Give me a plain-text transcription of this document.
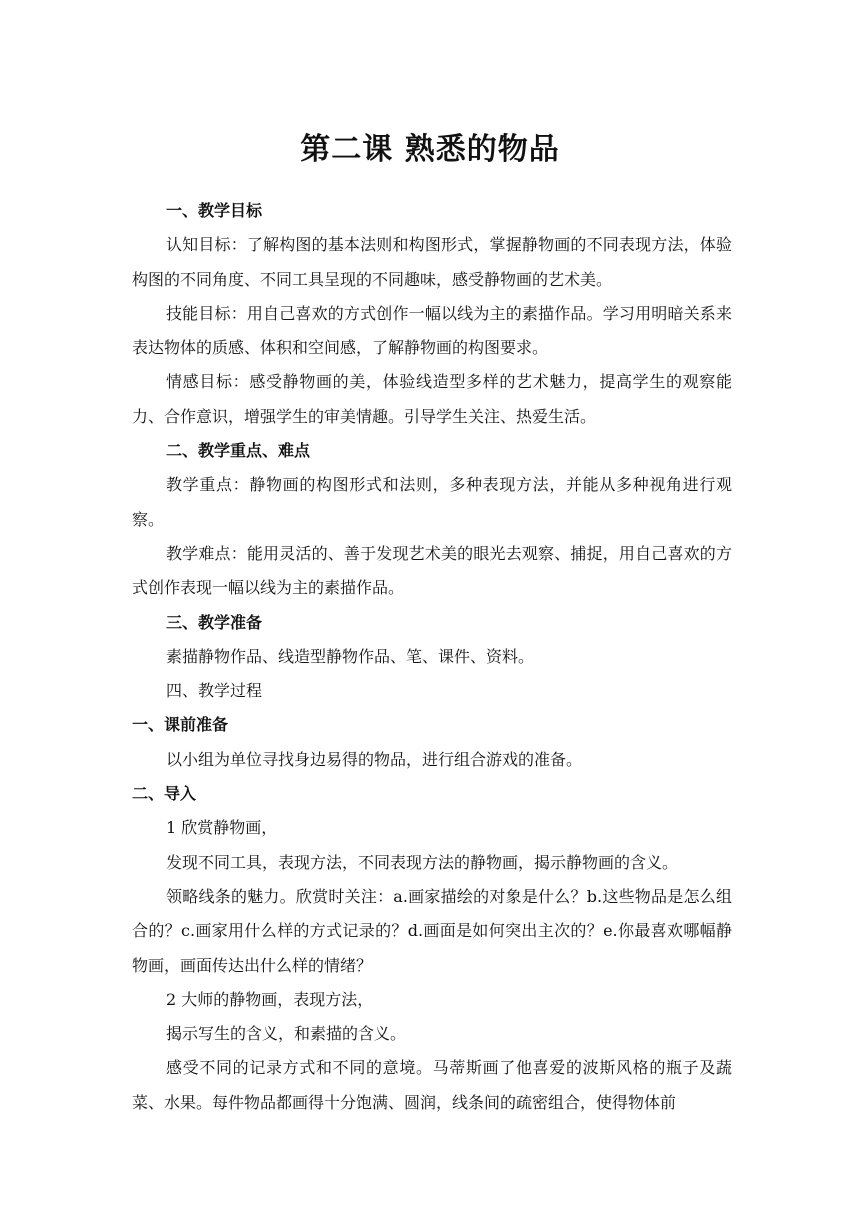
第二课 熟悉的物品

一、教学目标

认知目标：了解构图的基本法则和构图形式，掌握静物画的不同表现方法，体验构图的不同角度、不同工具呈现的不同趣味，感受静物画的艺术美。

技能目标：用自己喜欢的方式创作一幅以线为主的素描作品。学习用明暗关系来表达物体的质感、体积和空间感，了解静物画的构图要求。

情感目标：感受静物画的美，体验线造型多样的艺术魅力，提高学生的观察能力、合作意识，增强学生的审美情趣。引导学生关注、热爱生活。

二、教学重点、难点

教学重点：静物画的构图形式和法则，多种表现方法，并能从多种视角进行观察。

教学难点：能用灵活的、善于发现艺术美的眼光去观察、捕捉，用自己喜欢的方式创作表现一幅以线为主的素描作品。

三、教学准备

素描静物作品、线造型静物作品、笔、课件、资料。

四、教学过程

一、课前准备

以小组为单位寻找身边易得的物品，进行组合游戏的准备。

二、导入

1 欣赏静物画，

发现不同工具，表现方法，不同表现方法的静物画，揭示静物画的含义。

领略线条的魅力。欣赏时关注：a.画家描绘的对象是什么？b.这些物品是怎么组合的？c.画家用什么样的方式记录的？d.画面是如何突出主次的？e.你最喜欢哪幅静物画，画面传达出什么样的情绪？

2 大师的静物画，表现方法，

揭示写生的含义，和素描的含义。

感受不同的记录方式和不同的意境。马蒂斯画了他喜爱的波斯风格的瓶子及蔬菜、水果。每件物品都画得十分饱满、圆润，线条间的疏密组合，使得物体前
